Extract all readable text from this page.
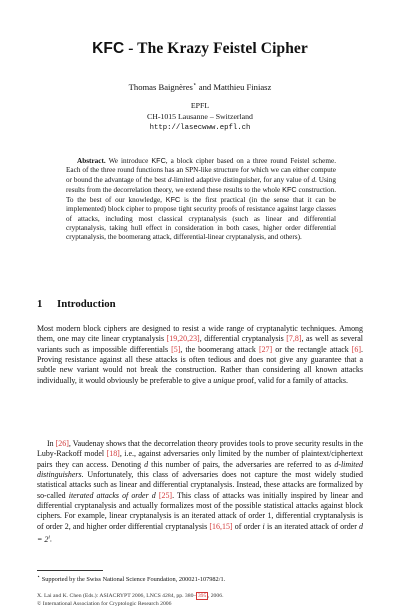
KFC - The Krazy Feistel Cipher
Thomas Baignères⋆ and Matthieu Finiasz
EPFL
CH-1015 Lausanne – Switzerland
http://lasecwww.epfl.ch

Abstract. We introduce KFC, a block cipher based on a three round Feistel scheme. Each of the three round functions has an SPN-like structure for which we can either compute or bound the advantage of the best d-limited adaptive distinguisher, for any value of d. Using results from the decorrelation theory, we extend these results to the whole KFC construction. To the best of our knowledge, KFC is the first practical (in the sense that it can be implemented) block cipher to propose tight security proofs of resistance against large classes of attacks, including most classical cryptanalysis (such as linear and differential cryptanalysis, taking hull effect in consideration in both cases, higher order differential cryptanalysis, the boomerang attack, differential-linear cryptanalysis, and others).

1 Introduction

Most modern block ciphers are designed to resist a wide range of cryptanalytic techniques. Among them, one may cite linear cryptanalysis [19,20,23], differential cryptanalysis [7,8], as well as several variants such as impossible differentials [5], the boomerang attack [27] or the rectangle attack [6]. Proving resistance against all these attacks is often tedious and does not give any guarantee that a subtle new variant would not break the construction. Rather than considering all known attacks individually, it would obviously be preferable to give a unique proof, valid for a family of attacks.

In [26], Vaudenay shows that the decorrelation theory provides tools to prove security results in the Luby-Rackoff model [18], i.e., against adversaries only limited by the number of plaintext/ciphertext pairs they can access. Denoting d this number of pairs, the adversaries are referred to as d-limited distinguishers. Unfortunately, this class of adversaries does not capture the most widely studied statistical attacks such as linear and differential cryptanalysis. Instead, these attacks are formalized by so-called iterated attacks of order d [25]. This class of attacks was initially inspired by linear and differential cryptanalysis and actually formalizes most of the possible statistical attacks against block ciphers. For example, linear cryptanalysis is an iterated attack of order 1, differential cryptanalysis is of order 2, and higher order differential cryptanalysis [16,15] of order i is an iterated attack of order $d = 2^i$.

⋆ Supported by the Swiss National Science Foundation, 200021-107982/1.

X. Lai and K. Chen (Eds.): ASIACRYPT 2006, LNCS 4284, pp. 380– 395 , 2006.
© International Association for Cryptologic Research 2006
